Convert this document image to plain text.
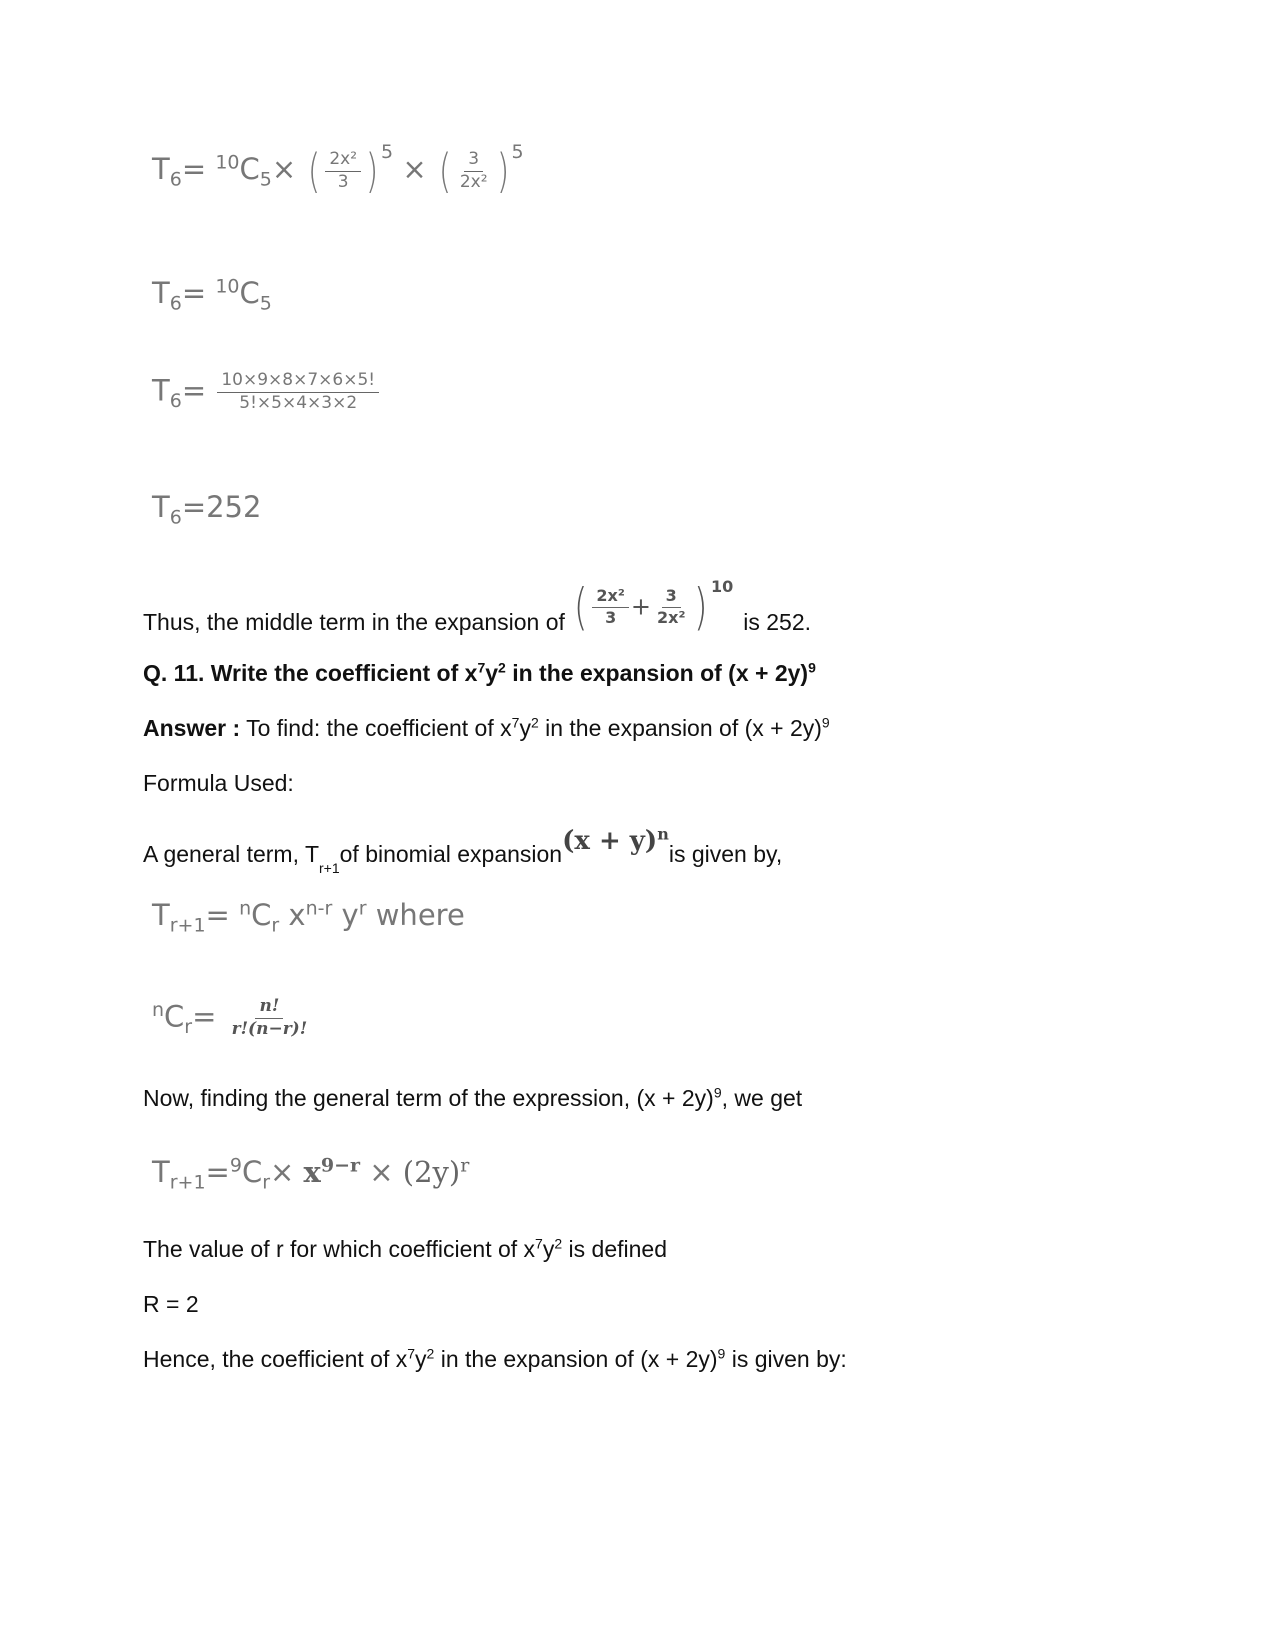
$T_6= ^{10}C_5\times$ ( $\frac{\text{2x²}}{3}$ ) $^5$ × ( $\frac{3}{\text{2x²}}$ ) $^5$
$T_6= ^{10}C_5$
$T_6= \frac{10\times 9\times 8\times 7\times 6\times 5!}{5!\times 5\times 4\times 3\times 2}$
$T_6=252$
Thus, the middle term in the expansion of ( $\frac{\text{2x²}}{3} + \frac{3}{\text{2x²}}$ ) $^{10}$
is 252.
Q. 11. Write the coefficient of $x^7y^2$ in the expansion of $(x + 2y)^9$
Answer : To find: the coefficient of $x^7y^2$ in the expansion of $(x + 2y)^9$
Formula Used:
A general term, T
r+1
of binomial expansion $(x + y)^n$
is given by,
$T_{r+1}= ^nC_r$ $x^{n-r}$ $y^r$ where
$^nC_r= \frac{n!}{r!(n-r)!}$
Now, finding the general term of the expression, $(x + 2y)^9$, we get
$T_{r+1}=^9C_r\times x^{9-r} \times (2y)^r$
The value of r for which coefficient of $x^7y^2$ is defined
R = 2
Hence, the coefficient of $x^7y^2$ in the expansion of $(x + 2y)^9$ is given by:
